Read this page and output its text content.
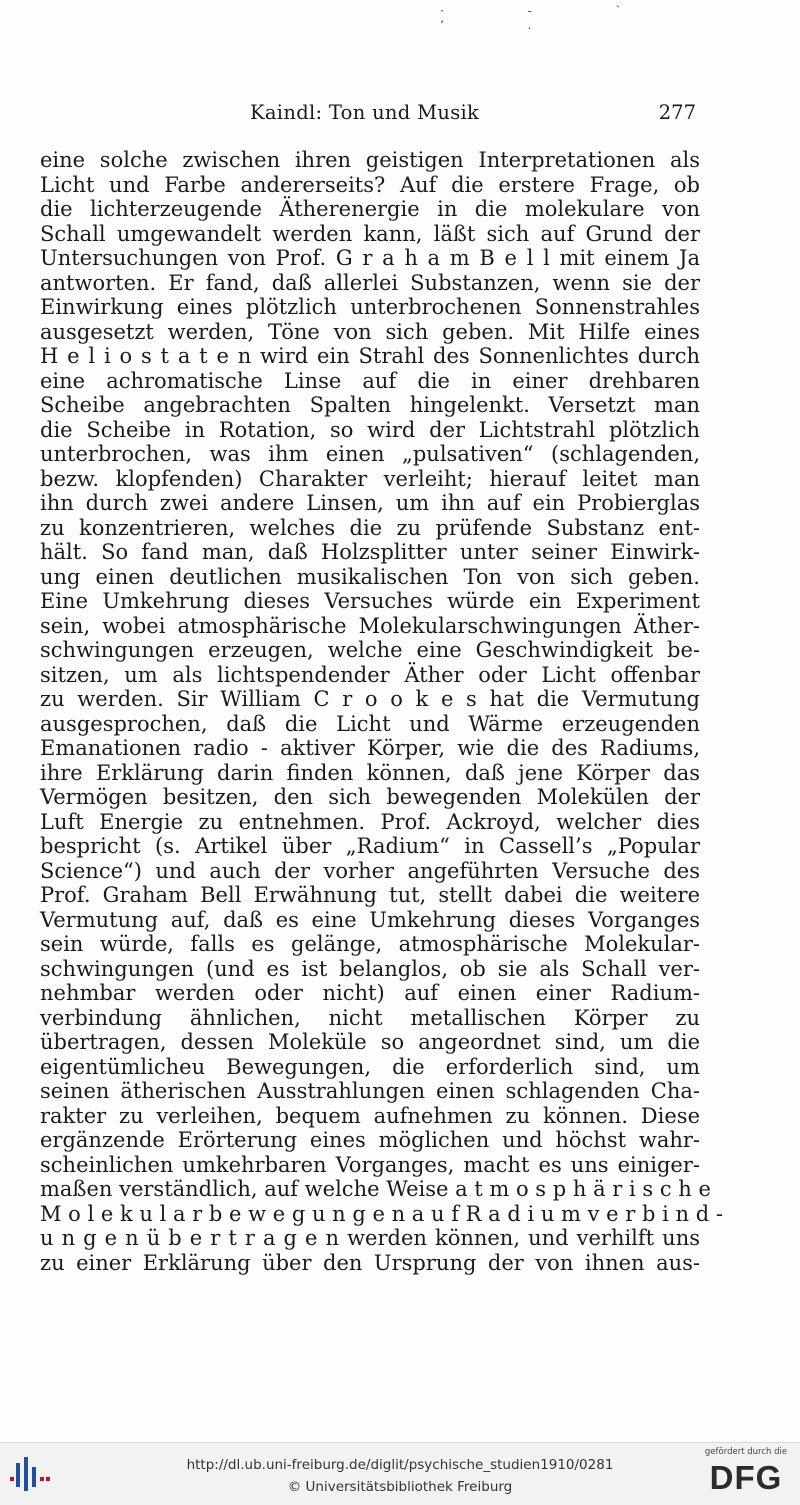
· - ` ‘ .
Kaindl: Ton und Musik	277
eine solche zwischen ihren geistigen Interpretationen als
Licht und Farbe andererseits? Auf die erstere Frage, ob
die lichterzeugende Ätherenergie in die molekulare von
Schall umgewandelt werden kann, läßt sich auf Grund der
Untersuchungen von Prof. G r a h a m B e l l mit einem Ja
antworten. Er fand, daß allerlei Substanzen, wenn sie der
Einwirkung eines plötzlich unterbrochenen Sonnenstrahles
ausgesetzt werden, Töne von sich geben. Mit Hilfe eines
H e l i o s t a t e n wird ein Strahl des Sonnenlichtes durch
eine achromatische Linse auf die in einer drehbaren
Scheibe angebrachten Spalten hingelenkt. Versetzt man
die Scheibe in Rotation, so wird der Lichtstrahl plötzlich
unterbrochen, was ihm einen „pulsativen“ (schlagenden,
bezw. klopfenden) Charakter verleiht; hierauf leitet man
ihn durch zwei andere Linsen, um ihn auf ein Probierglas
zu konzentrieren, welches die zu prüfende Substanz ent-
hält. So fand man, daß Holzsplitter unter seiner Einwirk-
ung einen deutlichen musikalischen Ton von sich geben.
Eine Umkehrung dieses Versuches würde ein Experiment
sein, wobei atmosphärische Molekularschwingungen Äther-
schwingungen erzeugen, welche eine Geschwindigkeit be-
sitzen, um als lichtspendender Äther oder Licht offenbar
zu werden. Sir William C r o o k e s hat die Vermutung
ausgesprochen, daß die Licht und Wärme erzeugenden
Emanationen radio - aktiver Körper, wie die des Radiums,
ihre Erklärung darin finden können, daß jene Körper das
Vermögen besitzen, den sich bewegenden Molekülen der
Luft Energie zu entnehmen. Prof. Ackroyd, welcher dies
bespricht (s. Artikel über „Radium“ in Cassell’s „Popular
Science“) und auch der vorher angeführten Versuche des
Prof. Graham Bell Erwähnung tut, stellt dabei die weitere
Vermutung auf, daß es eine Umkehrung dieses Vorganges
sein würde, falls es gelänge, atmosphärische Molekular-
schwingungen (und es ist belanglos, ob sie als Schall ver-
nehmbar werden oder nicht) auf einen einer Radium-
verbindung ähnlichen, nicht metallischen Körper zu
übertragen, dessen Moleküle so angeordnet sind, um die
eigentümlicheu Bewegungen, die erforderlich sind, um
seinen ätherischen Ausstrahlungen einen schlagenden Cha-
rakter zu verleihen, bequem aufnehmen zu können. Diese
ergänzende Erörterung eines möglichen und höchst wahr-
scheinlichen umkehrbaren Vorganges, macht es uns einiger-
maßen verständlich, auf welche Weise a t m o s p h ä r i s c h e
M o l e k u l a r b e w e g u n g e n a u f R a d i u m v e r b i n d -
u n g e n ü b e r t r a g e n werden können, und verhilft uns
zu einer Erklärung über den Ursprung der von ihnen aus-
http://dl.ub.uni-freiburg.de/diglit/psychische_studien1910/0281
© Universitätsbibliothek Freiburg
gefördert durch die
DFG
